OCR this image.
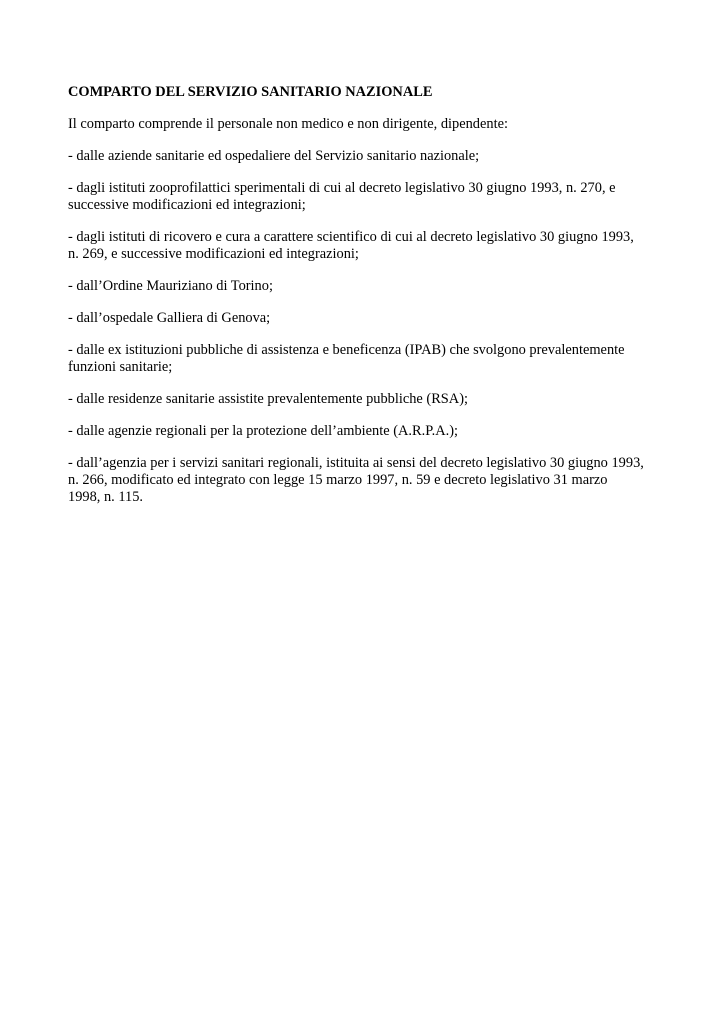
COMPARTO DEL SERVIZIO SANITARIO NAZIONALE

Il comparto comprende il personale non medico e non dirigente, dipendente:

- dalle aziende sanitarie ed ospedaliere del Servizio sanitario nazionale;
- dagli istituti zooprofilattici sperimentali di cui al decreto legislativo 30 giugno 1993, n. 270, e
successive modificazioni ed integrazioni;
- dagli istituti di ricovero e cura a carattere scientifico di cui al decreto legislativo 30 giugno 1993,
n. 269, e successive modificazioni ed integrazioni;
- dall’Ordine Mauriziano di Torino;
- dall’ospedale Galliera di Genova;
- dalle ex istituzioni pubbliche di assistenza e beneficenza (IPAB) che svolgono prevalentemente
funzioni sanitarie;
- dalle residenze sanitarie assistite prevalentemente pubbliche (RSA);
- dalle agenzie regionali per la protezione dell’ambiente (A.R.P.A.);
- dall’agenzia per i servizi sanitari regionali, istituita ai sensi del decreto legislativo 30 giugno 1993,
n. 266, modificato ed integrato con legge 15 marzo 1997, n. 59 e decreto legislativo 31 marzo
1998, n. 115.
